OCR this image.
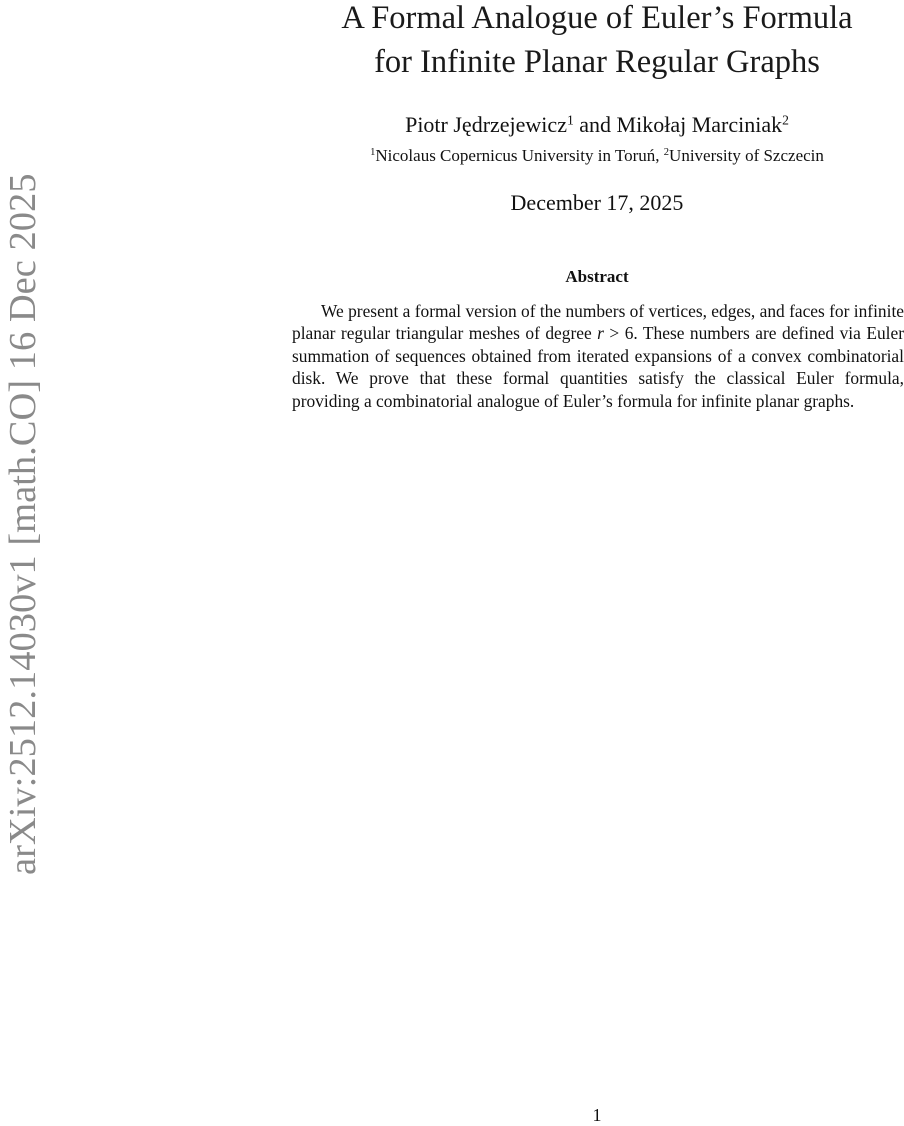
arXiv:2512.14030v1 [math.CO] 16 Dec 2025
A Formal Analogue of Euler’s Formula
for Infinite Planar Regular Graphs
Piotr Jędrzejewicz$^1$ and Mikołaj Marciniak$^2$
$^1$Nicolaus Copernicus University in Toruń, $^2$University of Szczecin
December 17, 2025
Abstract

We present a formal version of the numbers of vertices, edges, and faces for infinite planar regular triangular meshes of degree r > 6. These numbers are defined via Euler summation of sequences obtained from iterated expansions of a convex combinatorial disk. We prove that these formal quantities satisfy the classical Euler formula, providing a combinatorial analogue of Euler’s formula for infinite planar graphs.

1
